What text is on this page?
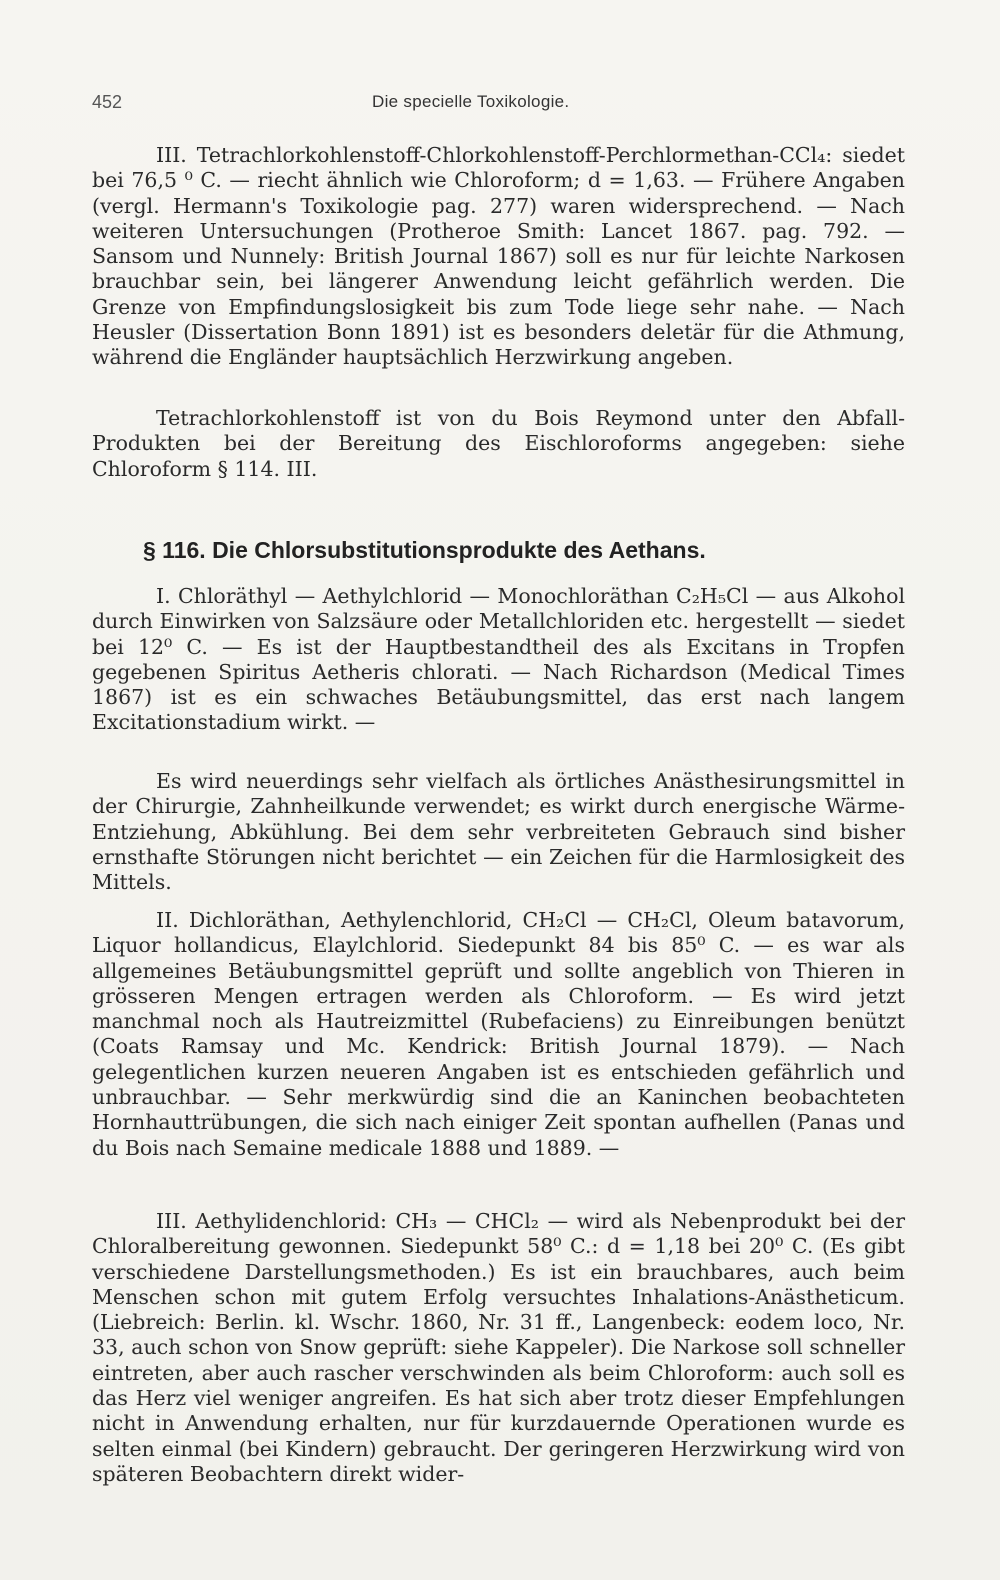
452	Die specielle Toxikologie.

III. Tetrachlorkohlenstoff-Chlorkohlenstoff-Perchlormethan-CCl₄: siedet bei 76,5 ⁰ C. — riecht ähnlich wie Chloroform; d = 1,63. — Frühere Angaben (vergl. Hermann's Toxikologie pag. 277) waren widersprechend. — Nach weiteren Untersuchungen (Protheroe Smith: Lancet 1867. pag. 792. — Sansom und Nunnely: British Journal 1867) soll es nur für leichte Narkosen brauchbar sein, bei längerer Anwendung leicht gefährlich werden. Die Grenze von Empfindungslosigkeit bis zum Tode liege sehr nahe. — Nach Heusler (Dissertation Bonn 1891) ist es besonders deletär für die Athmung, während die Engländer hauptsächlich Herzwirkung angeben.

Tetrachlorkohlenstoff ist von du Bois Reymond unter den Abfall-Produkten bei der Bereitung des Eischloroforms angegeben: siehe Chloroform § 114. III.

§ 116. Die Chlorsubstitutionsprodukte des Aethans.

I. Chloräthyl — Aethylchlorid — Monochloräthan C₂H₅Cl — aus Alkohol durch Einwirken von Salzsäure oder Metallchloriden etc. hergestellt — siedet bei 12⁰ C. — Es ist der Hauptbestandtheil des als Excitans in Tropfen gegebenen Spiritus Aetheris chlorati. — Nach Richardson (Medical Times 1867) ist es ein schwaches Betäubungsmittel, das erst nach langem Excitationstadium wirkt. —

Es wird neuerdings sehr vielfach als örtliches Anästhesirungsmittel in der Chirurgie, Zahnheilkunde verwendet; es wirkt durch energische Wärme-Entziehung, Abkühlung. Bei dem sehr verbreiteten Gebrauch sind bisher ernsthafte Störungen nicht berichtet — ein Zeichen für die Harmlosigkeit des Mittels.

II. Dichloräthan, Aethylenchlorid, CH₂Cl — CH₂Cl, Oleum batavorum, Liquor hollandicus, Elaylchlorid. Siedepunkt 84 bis 85⁰ C. — es war als allgemeines Betäubungsmittel geprüft und sollte angeblich von Thieren in grösseren Mengen ertragen werden als Chloroform. — Es wird jetzt manchmal noch als Hautreizmittel (Rubefaciens) zu Einreibungen benützt (Coats Ramsay und Mc. Kendrick: British Journal 1879). — Nach gelegentlichen kurzen neueren Angaben ist es entschieden gefährlich und unbrauchbar. — Sehr merkwürdig sind die an Kaninchen beobachteten Hornhauttrübungen, die sich nach einiger Zeit spontan aufhellen (Panas und du Bois nach Semaine medicale 1888 und 1889. —

III. Aethylidenchlorid: CH₃ — CHCl₂ — wird als Nebenprodukt bei der Chloralbereitung gewonnen. Siedepunkt 58⁰ C.: d = 1,18 bei 20⁰ C. (Es gibt verschiedene Darstellungsmethoden.) Es ist ein brauchbares, auch beim Menschen schon mit gutem Erfolg versuchtes Inhalations-Anästheticum. (Liebreich: Berlin. kl. Wschr. 1860, Nr. 31 ff., Langenbeck: eodem loco, Nr. 33, auch schon von Snow geprüft: siehe Kappeler). Die Narkose soll schneller eintreten, aber auch rascher verschwinden als beim Chloroform: auch soll es das Herz viel weniger angreifen. Es hat sich aber trotz dieser Empfehlungen nicht in Anwendung erhalten, nur für kurzdauernde Operationen wurde es selten einmal (bei Kindern) gebraucht. Der geringeren Herzwirkung wird von späteren Beobachtern direkt wider-
